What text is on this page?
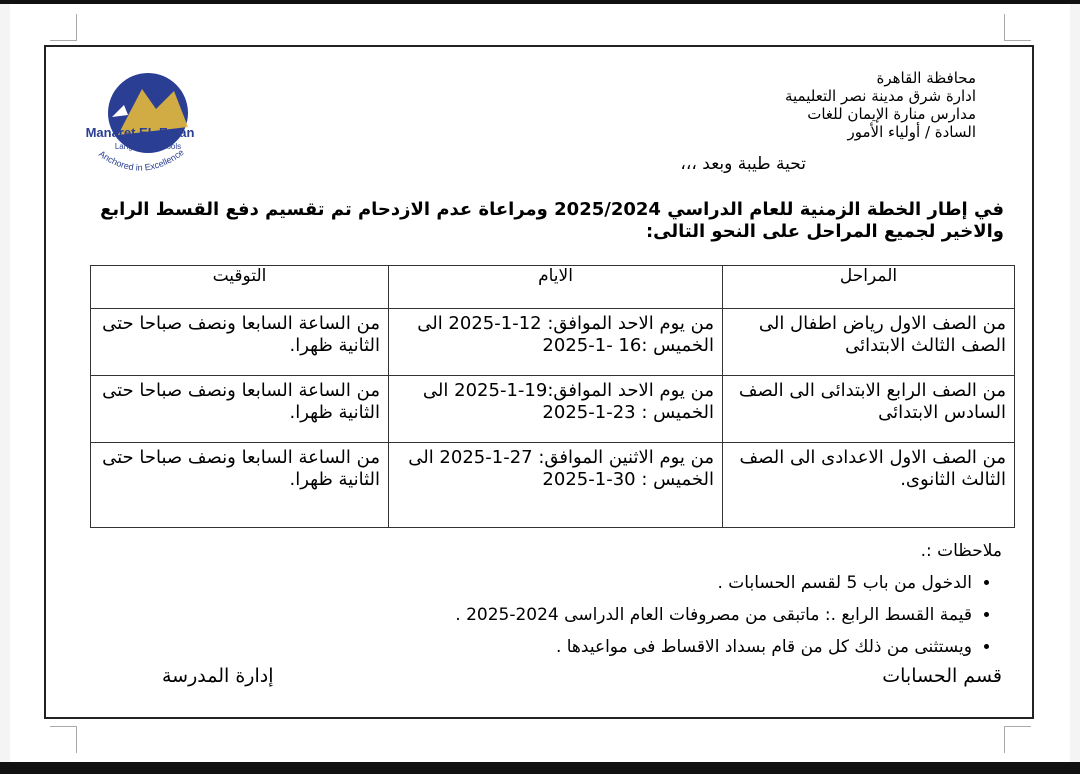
Manaret EL Eman
Language Schools
Anchored in Excellence
محافظة القاهرة
ادارة شرق مدينة نصر التعليمية
مدارس منارة الإيمان للغات
السادة / أولياء الأمور
تحية طيبة وبعد ،،،
في إطار الخطة الزمنية للعام الدراسي 2025/2024 ومراعاة عدم الازدحام تم تقسيم دفع القسط الرابع والاخير لجميع المراحل على النحو التالى:
المراحل	الايام	التوقيت
من الصف الاول رياض اطفال الى الصف الثالث الابتدائى	من يوم الاحد الموافق: 12-1-2025 الى الخميس :16 -1-2025	من الساعة السابعا ونصف صباحا حتى الثانية ظهرا.
من الصف الرابع الابتدائى الى الصف السادس الابتدائى	من يوم الاحد الموافق:19-1-2025 الى الخميس : 23-1-2025	من الساعة السابعا ونصف صباحا حتى الثانية ظهرا.
من الصف الاول الاعدادى الى الصف الثالث الثانوى.	من يوم الاثنين الموافق: 27-1-2025 الى الخميس : 30-1-2025	من الساعة السابعا ونصف صباحا حتى الثانية ظهرا.
ملاحظات :.
• الدخول من باب 5 لقسم الحسابات .
• قيمة القسط الرابع .: ماتبقى من مصروفات العام الدراسى 2024-2025 .
• ويستثنى من ذلك كل من قام بسداد الاقساط فى مواعيدها .
قسم الحسابات
إدارة المدرسة
